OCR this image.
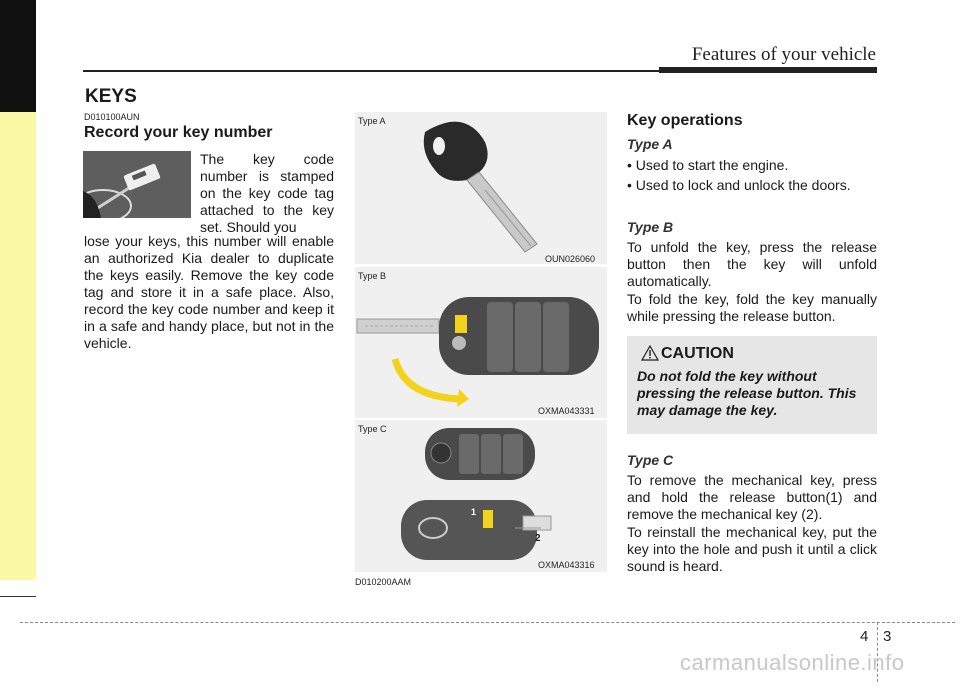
Features of your vehicle
KEYS
D010100AUN
Record your key number
The key code number is stamped on the key code tag attached to the key set. Should you
lose your keys, this number will enable an authorized Kia dealer to duplicate the keys easily. Remove the key code tag and store it in a safe place. Also, record the key code number and keep it in a safe and handy place, but not in the vehicle.
Type A
OUN026060
Type B
OXMA043331
Type C
1
2
OXMA043316
D010200AAM
Key operations
Type A
• Used to start the engine.
• Used to lock and unlock the doors.
Type B
To unfold the key, press the release button then the key will unfold automatically.
To fold the key, fold the key manually while pressing the release button.
CAUTION
Do not fold the key without pressing the release button. This may damage the key.
Type C
To remove the mechanical key, press and hold the release button(1) and remove the mechanical key (2).
To reinstall the mechanical key, put the key into the hole and push it until a click sound is heard.
4 3
carmanualsonline.info
